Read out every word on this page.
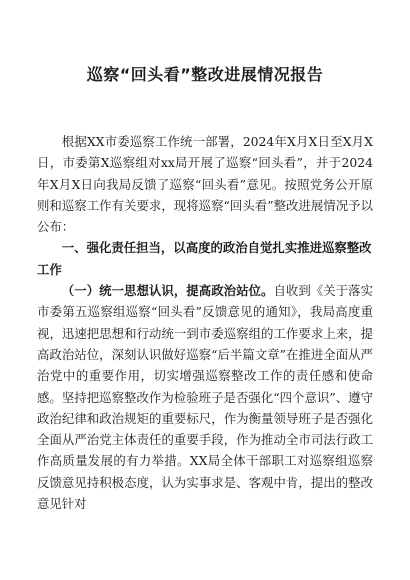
巡察“回头看”整改进展情况报告

根据XX市委巡察工作统一部署，2024年X月X日至X月X日，市委第X巡察组对xx局开展了巡察“回头看”，并于2024年X月X日向我局反馈了巡察“回头看”意见。按照党务公开原则和巡察工作有关要求，现将巡察“回头看”整改进展情况予以公布：

一、强化责任担当，以高度的政治自觉扎实推进巡察整改工作

（一）统一思想认识，提高政治站位。自收到《关于落实市委第五巡察组巡察“回头看”反馈意见的通知》，我局高度重视，迅速把思想和行动统一到市委巡察组的工作要求上来，提高政治站位，深刻认识做好巡察“后半篇文章”在推进全面从严治党中的重要作用，切实增强巡察整改工作的责任感和使命感。坚持把巡察整改作为检验班子是否强化“四个意识”、遵守政治纪律和政治规矩的重要标尺，作为衡量领导班子是否强化全面从严治党主体责任的重要手段，作为推动全市司法行政工作高质量发展的有力举措。XX局全体干部职工对巡察组巡察反馈意见持积极态度，认为实事求是、客观中肯，提出的整改意见针对
